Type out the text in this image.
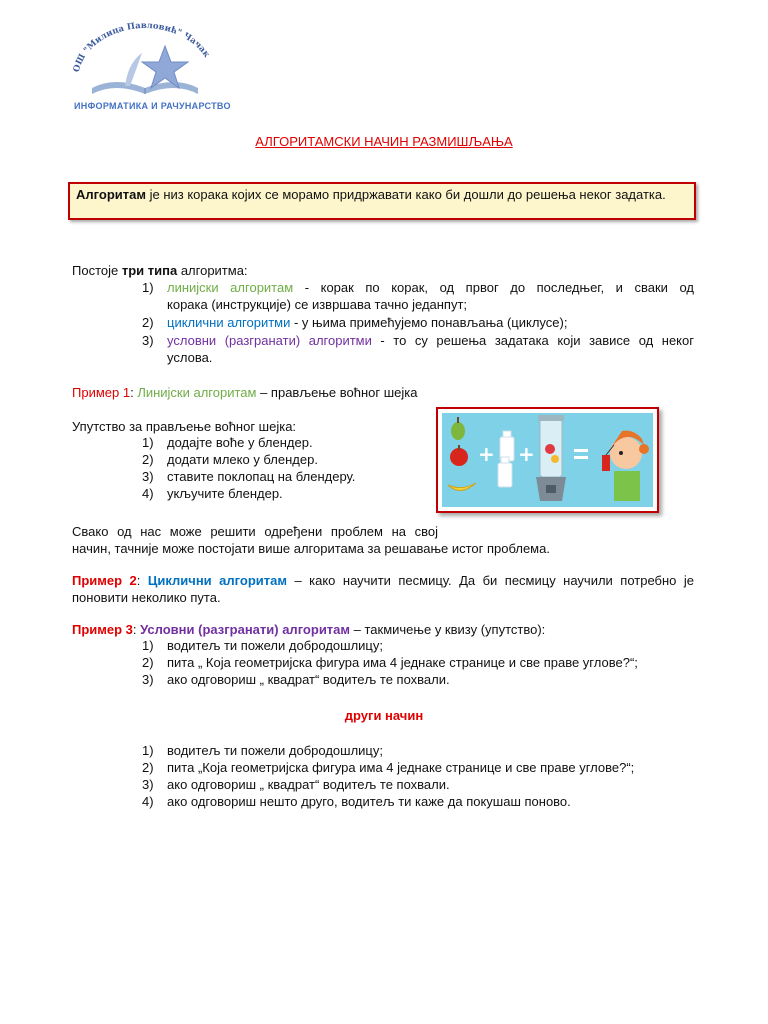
ОШ "Милица Павловић" Чачак
ИНФОРМАТИКА И РАЧУНАРСТВО
АЛГОРИТАМСКИ НАЧИН РАЗМИШЉАЊА
Алгоритам је низ корака којих се морамо придржавати како би дошли до решења неког задатка.
Постоје три типа алгоритма:
1) линијски алгоритам - корак по корак, од првог до последњег, и сваки од
корака (инструкције) се извршава тачно једанпут;
2) циклични алгоритми - у њима примећујемо понављања (циклусе);
3) условни (разгранати) алгоритми - то су решења задатака који зависе од неког
услова.
Пример 1: Линијски алгоритам – прављење воћног шејка
Упутство за прављење воћног шејка:
1) додајте воће у блендер.
2) додати млеко у блендер.
3) ставите поклопац на блендеру.
4) укључите блендер.
+ +
Свако од нас може решити одређени проблем на свој
начин, тачније може постојати више алгоритама за решавање истог проблема.
Пример 2: Циклични алгоритам – како научити песмицу. Да би песмицу научили потребно је
поновити неколико пута.
Пример 3: Условни (разгранати) алгоритам – такмичење у квизу (упутство):
1) водитељ ти пожели добродошлицу;
2) пита „ Која геометријска фигура има 4 једнаке странице и све праве углове?“;
3) ако одговориш „ квадрат“ водитељ те похвали.
други начин
1) водитељ ти пожели добродошлицу;
2) пита „Која геометријска фигура има 4 једнаке странице и све праве углове?“;
3) ако одговориш „ квадрат“ водитељ те похвали.
4) ако одговориш нешто друго, водитељ ти каже да покушаш поново.
